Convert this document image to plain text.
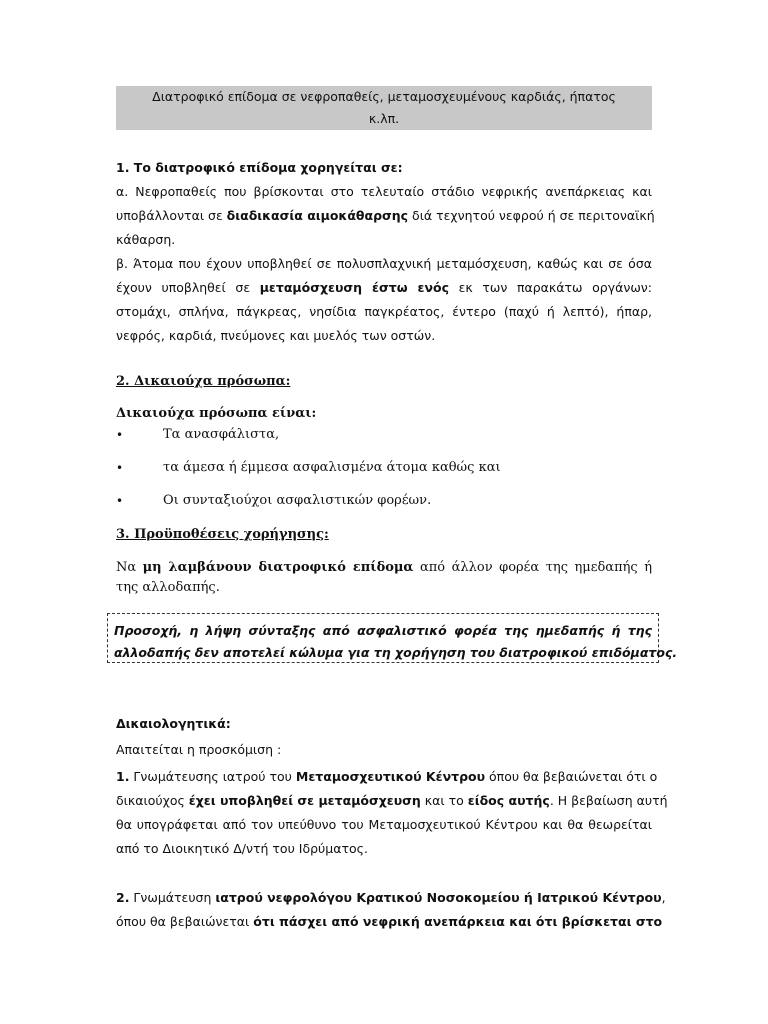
Διατροφικό επίδομα σε νεφροπαθείς, μεταμοσχευμένους καρδιάς, ήπατος
κ.λπ.
1. Το διατροφικό επίδομα χορηγείται σε:
α. Νεφροπαθείς που βρίσκονται στο τελευταίο στάδιο νεφρικής ανεπάρκειας και
υποβάλλονται σε διαδικασία αιμοκάθαρσης διά τεχνητού νεφρού ή σε περιτοναϊκή
κάθαρση.
β. Άτομα που έχουν υποβληθεί σε πολυσπλαχνική μεταμόσχευση, καθώς και σε όσα
έχουν υποβληθεί σε μεταμόσχευση έστω ενός εκ των παρακάτω οργάνων:
στομάχι, σπλήνα, πάγκρεας, νησίδια παγκρέατος, έντερο (παχύ ή λεπτό), ήπαρ,
νεφρός, καρδιά, πνεύμονες και μυελός των οστών.
2. Δικαιούχα πρόσωπα:
Δικαιούχα πρόσωπα είναι:
•	Τα ανασφάλιστα,
•	τα άμεσα ή έμμεσα ασφαλισμένα άτομα καθώς και
•	Οι συνταξιούχοι ασφαλιστικών φορέων.
3. Προϋποθέσεις χορήγησης:
Να μη λαμβάνουν διατροφικό επίδομα από άλλον φορέα της ημεδαπής ή
της αλλοδαπής.
Προσοχή, η λήψη σύνταξης από ασφαλιστικό φορέα της ημεδαπής ή της
αλλοδαπής δεν αποτελεί κώλυμα για τη χορήγηση του διατροφικού επιδόματος.
Δικαιολογητικά:
Απαιτείται η προσκόμιση :
1. Γνωμάτευσης ιατρού του Μεταμοσχευτικού Κέντρου όπου θα βεβαιώνεται ότι ο
δικαιούχος έχει υποβληθεί σε μεταμόσχευση και το είδος αυτής. Η βεβαίωση αυτή
θα υπογράφεται από τον υπεύθυνο του Μεταμοσχευτικού Κέντρου και θα θεωρείται
από το Διοικητικό Δ/ντή του Ιδρύματος.
2. Γνωμάτευση ιατρού νεφρολόγου Κρατικού Νοσοκομείου ή Ιατρικού Κέντρου,
όπου θα βεβαιώνεται ότι πάσχει από νεφρική ανεπάρκεια και ότι βρίσκεται στο
